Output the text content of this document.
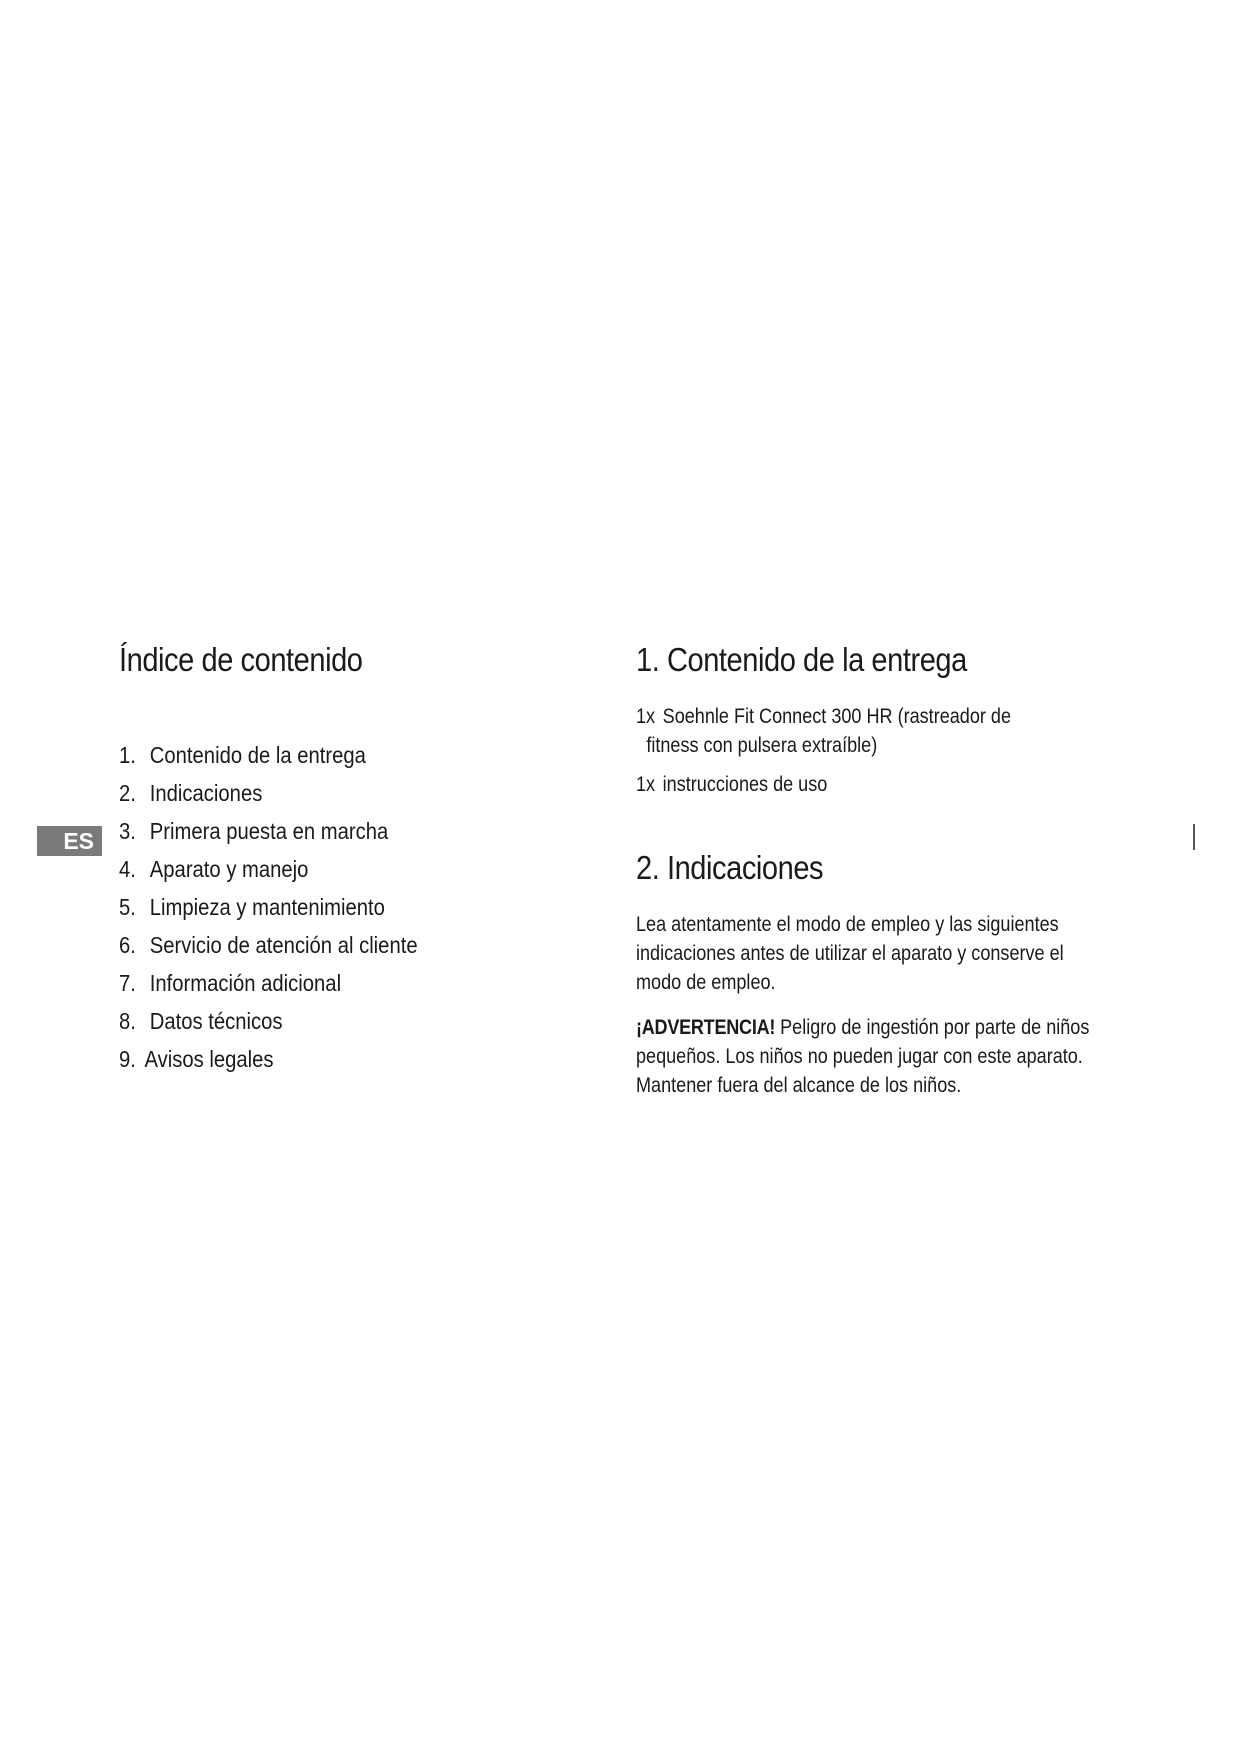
ES
Índice de contenido
1. Contenido de la entrega
2. Indicaciones
3. Primera puesta en marcha
4. Aparato y manejo
5. Limpieza y mantenimiento
6. Servicio de atención al cliente
7. Información adicional
8. Datos técnicos
9. Avisos legales
1. Contenido de la entrega
1x Soehnle Fit Connect 300 HR (rastreador de
fitness con pulsera extraíble)
1x instrucciones de uso
2. Indicaciones

Lea atentamente el modo de empleo y las siguientes indicaciones antes de utilizar el aparato y conserve el modo de empleo.

¡ADVERTENCIA! Peligro de ingestión por parte de niños pequeños. Los niños no pueden jugar con este aparato. Mantener fuera del alcance de los niños.
